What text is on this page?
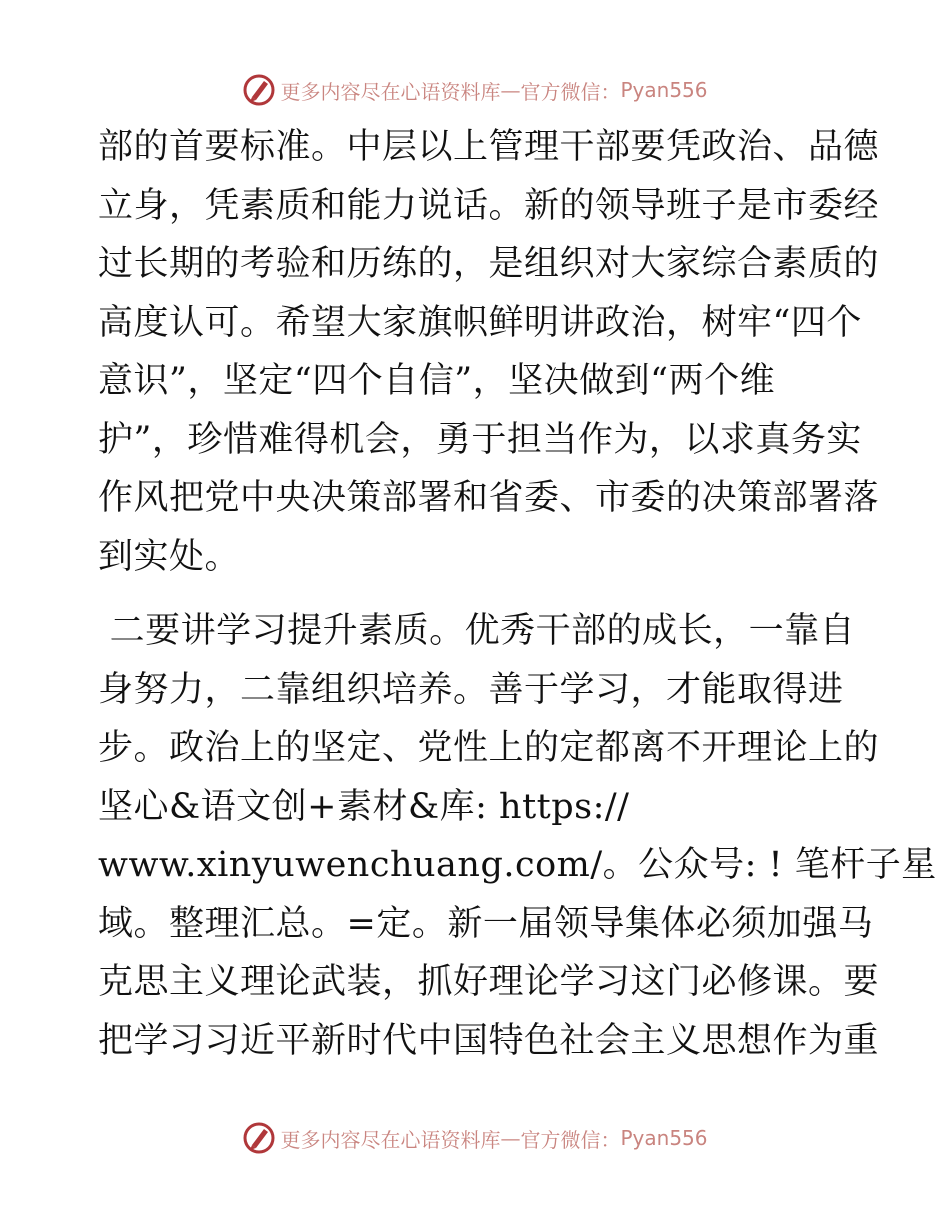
更多内容尽在心语资料库 — 官方微信： Pyan556

部的首要标准。中层以上管理干部要凭政治、品德
立身，凭素质和能力说话。新的领导班子是市委经
过长期的考验和历练的，是组织对大家综合素质的
高度认可。希望大家旗帜鲜明讲政治，树牢“四个
意识”，坚定“四个自信”，坚决做到“两个维
护”，珍惜难得机会，勇于担当作为，以求真务实
作风把党中央决策部署和省委、市委的决策部署落
到实处。

二要讲学习提升素质。优秀干部的成长，一靠自
身努力，二靠组织培养。善于学习，才能取得进
步。政治上的坚定、党性上的定都离不开理论上的
坚心&语文创+素材&库: https://
www.xinyuwenchuang.com/。公众号: ! 笔杆子星
域。整理汇总。=定。新一届领导集体必须加强马
克思主义理论武装，抓好理论学习这门必修课。要
把学习习近平新时代中国特色社会主义思想作为重

更多内容尽在心语资料库 — 官方微信： Pyan556
